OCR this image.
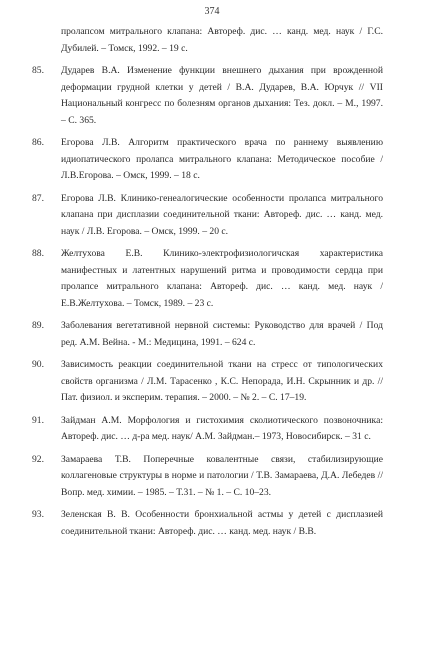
374
пролапсом митрального клапана: Автореф. дис. … канд. мед. наук / Г.С. Дубилей. – Томск, 1992. – 19 с.
85. Дударев В.А. Изменение функции внешнего дыхания при врожденной деформации грудной клетки у детей / В.А. Дударев, В.А. Юрчук // VII Национальный конгресс по болезням органов дыхания: Тез. докл. – М., 1997. – С. 365.
86. Егорова Л.В. Алгоритм практического врача по раннему выявлению идиопатического пролапса митрального клапана: Методическое пособие / Л.В.Егорова. – Омск, 1999. – 18 с.
87. Егорова Л.В. Клинико-генеалогические особенности пролапса митрального клапана при дисплазии соединительной ткани: Автореф. дис. … канд. мед. наук / Л.В. Егорова. – Омск, 1999. – 20 с.
88. Желтухова Е.В. Клинико-электрофизиологичская характеристика манифестных и латентных нарушений ритма и проводимости сердца при пролапсе митрального клапана: Автореф. дис. … канд. мед. наук / Е.В.Желтухова. – Томск, 1989. – 23 с.
89. Заболевания вегетативной нервной системы: Руководство для врачей / Под ред. А.М. Вейна. - М.: Медицина, 1991. – 624 с.
90. Зависимость реакции соединительной ткани на стресс от типологических свойств организма / Л.М. Тарасенко , К.С. Непорада, И.Н. Скрынник и др. // Пат. физиол. и эксперим. терапия. – 2000. – № 2. – С. 17–19.
91. Зайдман А.М. Морфология и гистохимия сколиотического позвоночника: Автореф. дис. … д-ра мед. наук/ А.М. Зайдман.– 1973, Новосибирск. – 31 с.
92. Замараева Т.В. Поперечные ковалентные связи, стабилизирующие коллагеновые структуры в норме и патологии / Т.В. Замараева, Д.А. Лебедев // Вопр. мед. химии. – 1985. – Т.31. – № 1. – С. 10–23.
93. Зеленская В. В. Особенности бронхиальной астмы у детей с дисплазией соединительной ткани: Автореф. дис. … канд. мед. наук / В.В.
